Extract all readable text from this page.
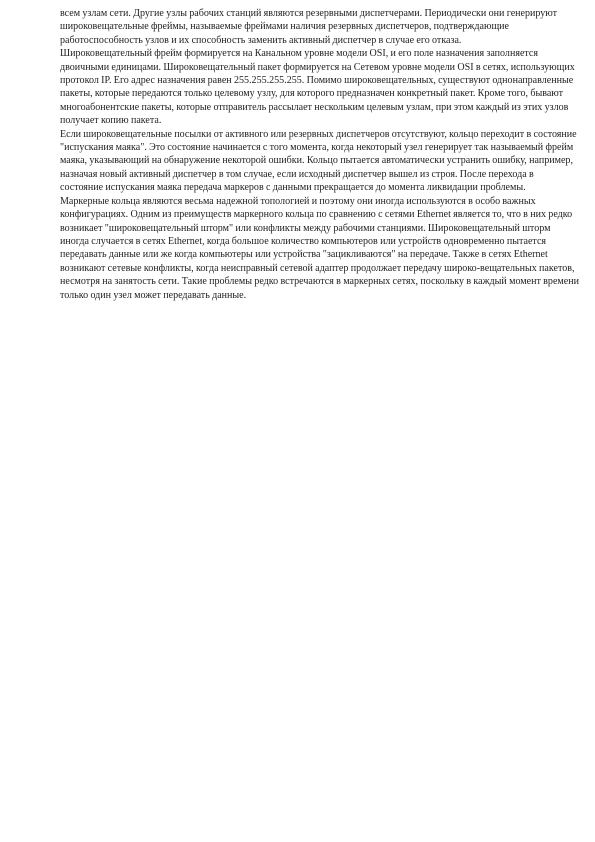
всем узлам сети. Другие узлы рабочих станций являются резервными диспетчерами. Периодически они генерируют широковещательные фреймы, называемые фреймами наличия резервных диспетчеров, подтверждающие работоспособность узлов и их способность заменить активный диспетчер в случае его отказа.

Широковещательный фрейм формируется на Канальном уровне модели OSI, и его поле назначения заполняется двоичными единицами. Широковещательный пакет формируется на Сетевом уровне модели OSI в сетях, использующих протокол IP. Его адрес назначения равен 255.255.255.255. Помимо широковещательных, существуют однонаправленные пакеты, которые передаются только целевому узлу, для которого предназначен конкретный пакет. Кроме того, бывают многоабонентские пакеты, которые отправитель рассылает нескольким целевым узлам, при этом каждый из этих узлов получает копию пакета.

Если широковещательные посылки от активного или резервных диспетчеров отсутствуют, кольцо переходит в состояние "испускания маяка". Это состояние начинается с того момента, когда некоторый узел генерирует так называемый фрейм маяка, указывающий на обнаружение некоторой ошибки. Кольцо пытается автоматически устранить ошибку, например, назначая новый активный диспетчер в том случае, если исходный диспетчер вышел из строя. После перехода в состояние испускания маяка передача маркеров с данными прекращается до момента ликвидации проблемы.

Маркерные кольца являются весьма надежной топологией и поэтому они иногда используются в особо важных конфигурациях. Одним из преимуществ маркерного кольца по сравнению с сетями Ethernet является то, что в них редко возникает "широковещательный шторм" или конфликты между рабочими станциями. Широковещательный шторм иногда случается в сетях Ethernet, когда большое количество компьютеров или устройств одновременно пытается передавать данные или же когда компьютеры или устройства "зацикливаются" на передаче. Также в сетях Ethernet возникают сетевые конфликты, когда неисправный сетевой адаптер продолжает передачу широко-вещательных пакетов, несмотря на занятость сети. Такие проблемы редко встречаются в маркерных сетях, поскольку в каждый момент времени только один узел может передавать данные.
